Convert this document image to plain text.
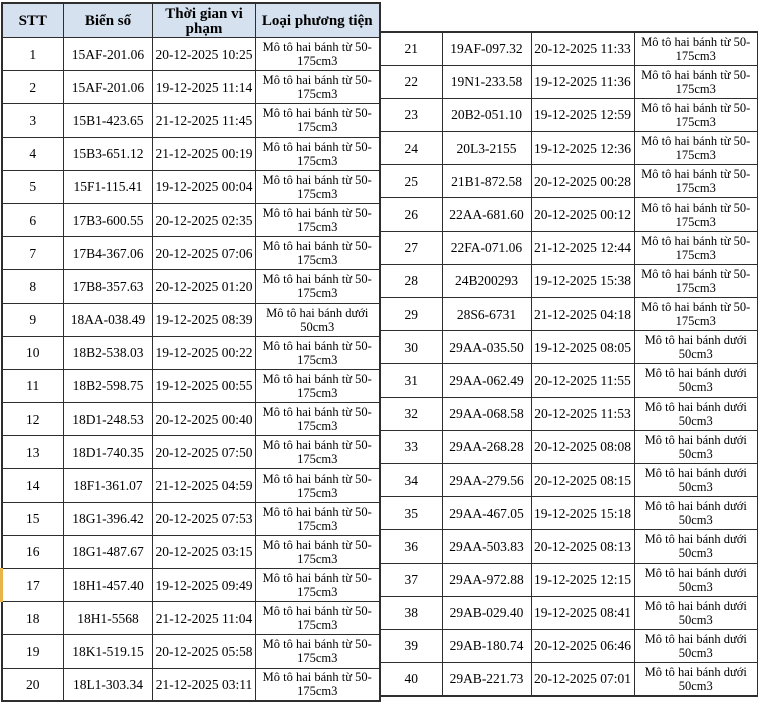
STT	Biển số	Thời gian vi phạm	Loại phương tiện
1	15AF-201.06	20-12-2025 10:25	Mô tô hai bánh từ 50-175cm3
2	15AF-201.06	19-12-2025 11:14	Mô tô hai bánh từ 50-175cm3
3	15B1-423.65	21-12-2025 11:45	Mô tô hai bánh từ 50-175cm3
4	15B3-651.12	21-12-2025 00:19	Mô tô hai bánh từ 50-175cm3
5	15F1-115.41	19-12-2025 00:04	Mô tô hai bánh từ 50-175cm3
6	17B3-600.55	20-12-2025 02:35	Mô tô hai bánh từ 50-175cm3
7	17B4-367.06	20-12-2025 07:06	Mô tô hai bánh từ 50-175cm3
8	17B8-357.63	20-12-2025 01:20	Mô tô hai bánh từ 50-175cm3
9	18AA-038.49	19-12-2025 08:39	Mô tô hai bánh dưới 50cm3
10	18B2-538.03	19-12-2025 00:22	Mô tô hai bánh từ 50-175cm3
11	18B2-598.75	19-12-2025 00:55	Mô tô hai bánh từ 50-175cm3
12	18D1-248.53	20-12-2025 00:40	Mô tô hai bánh từ 50-175cm3
13	18D1-740.35	20-12-2025 07:50	Mô tô hai bánh từ 50-175cm3
14	18F1-361.07	21-12-2025 04:59	Mô tô hai bánh từ 50-175cm3
15	18G1-396.42	20-12-2025 07:53	Mô tô hai bánh từ 50-175cm3
16	18G1-487.67	20-12-2025 03:15	Mô tô hai bánh từ 50-175cm3
17	18H1-457.40	19-12-2025 09:49	Mô tô hai bánh từ 50-175cm3
18	18H1-5568	21-12-2025 11:04	Mô tô hai bánh từ 50-175cm3
19	18K1-519.15	20-12-2025 05:58	Mô tô hai bánh từ 50-175cm3
20	18L1-303.34	21-12-2025 03:11	Mô tô hai bánh từ 50-175cm3
21	19AF-097.32	20-12-2025 11:33	Mô tô hai bánh từ 50-175cm3
22	19N1-233.58	19-12-2025 11:36	Mô tô hai bánh từ 50-175cm3
23	20B2-051.10	19-12-2025 12:59	Mô tô hai bánh từ 50-175cm3
24	20L3-2155	19-12-2025 12:36	Mô tô hai bánh từ 50-175cm3
25	21B1-872.58	20-12-2025 00:28	Mô tô hai bánh từ 50-175cm3
26	22AA-681.60	20-12-2025 00:12	Mô tô hai bánh từ 50-175cm3
27	22FA-071.06	21-12-2025 12:44	Mô tô hai bánh từ 50-175cm3
28	24B200293	19-12-2025 15:38	Mô tô hai bánh từ 50-175cm3
29	28S6-6731	21-12-2025 04:18	Mô tô hai bánh từ 50-175cm3
30	29AA-035.50	19-12-2025 08:05	Mô tô hai bánh dưới 50cm3
31	29AA-062.49	20-12-2025 11:55	Mô tô hai bánh dưới 50cm3
32	29AA-068.58	20-12-2025 11:53	Mô tô hai bánh dưới 50cm3
33	29AA-268.28	20-12-2025 08:08	Mô tô hai bánh dưới 50cm3
34	29AA-279.56	20-12-2025 08:15	Mô tô hai bánh dưới 50cm3
35	29AA-467.05	19-12-2025 15:18	Mô tô hai bánh dưới 50cm3
36	29AA-503.83	20-12-2025 08:13	Mô tô hai bánh dưới 50cm3
37	29AA-972.88	19-12-2025 12:15	Mô tô hai bánh dưới 50cm3
38	29AB-029.40	19-12-2025 08:41	Mô tô hai bánh dưới 50cm3
39	29AB-180.74	20-12-2025 06:46	Mô tô hai bánh dưới 50cm3
40	29AB-221.73	20-12-2025 07:01	Mô tô hai bánh dưới 50cm3
